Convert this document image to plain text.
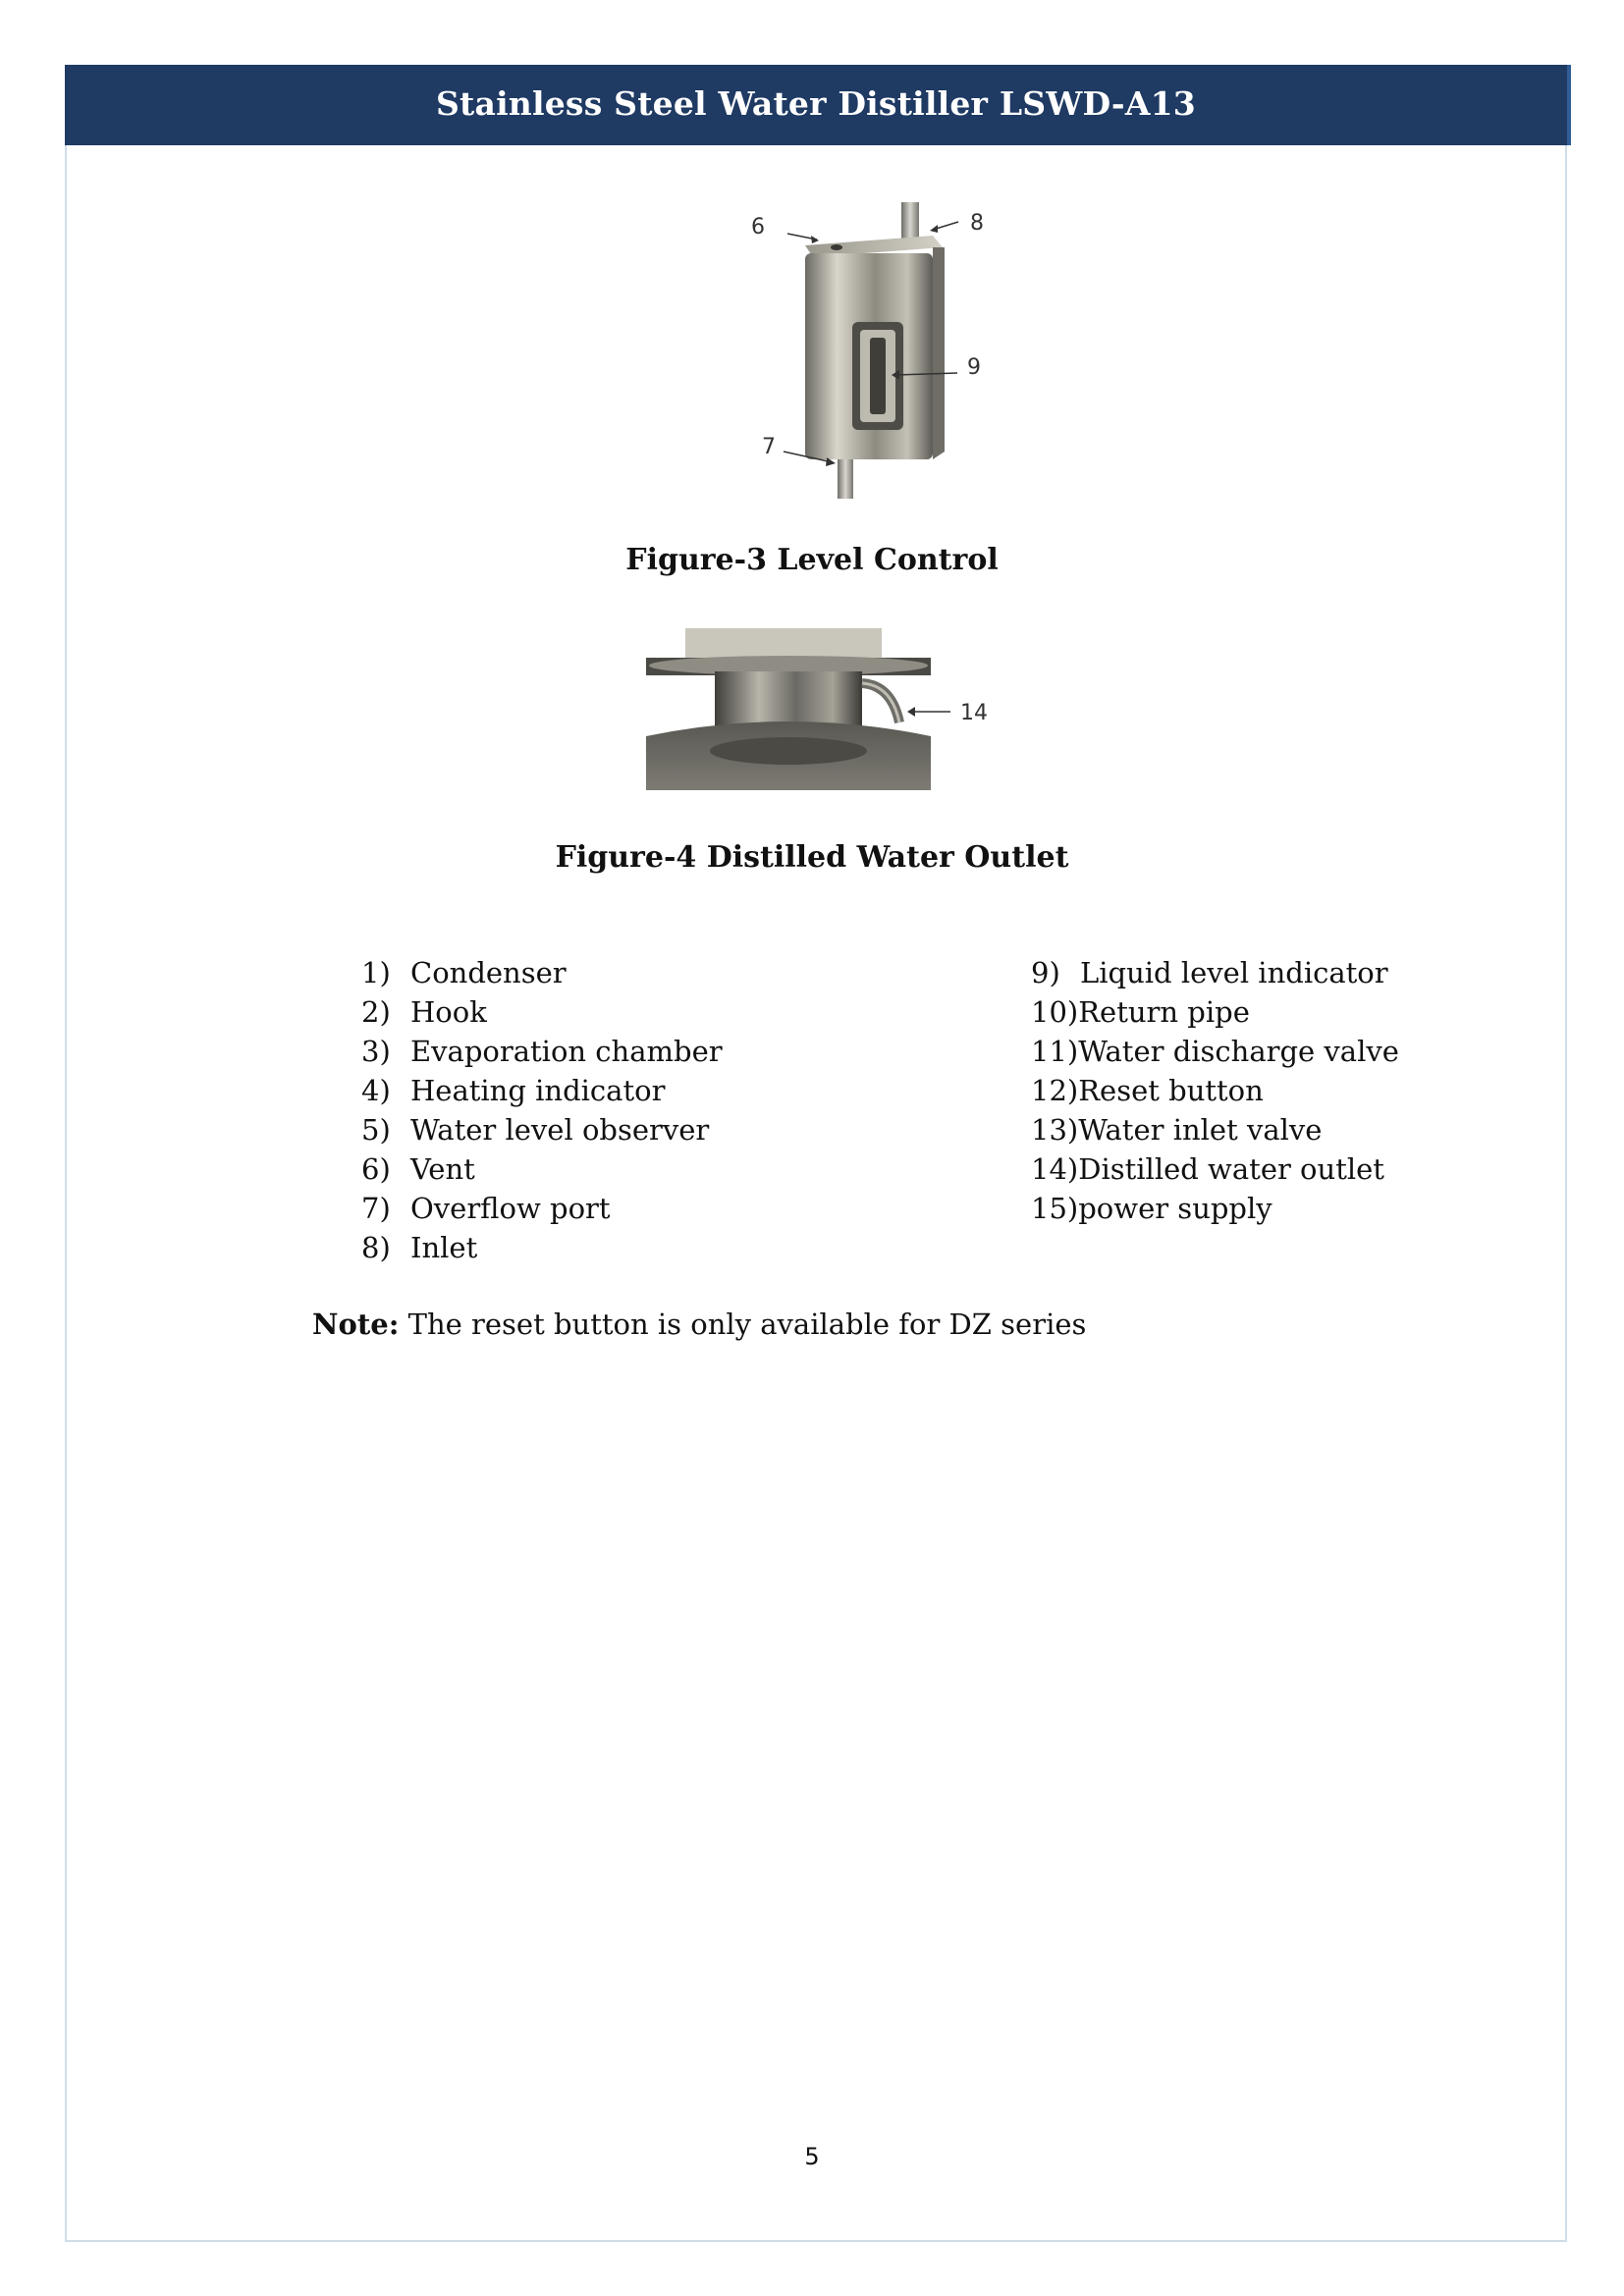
Stainless Steel Water Distiller LSWD-A13
6	8
9
7
Figure-3 Level Control
14
Figure-4 Distilled Water Outlet
1) Condenser
2) Hook
3) Evaporation chamber
4) Heating indicator
5) Water level observer
6) Vent
7) Overflow port
8) Inlet
9) Liquid level indicator
10)Return pipe
11)Water discharge valve
12)Reset button
13)Water inlet valve
14)Distilled water outlet
15)power supply
Note: The reset button is only available for DZ series
5
